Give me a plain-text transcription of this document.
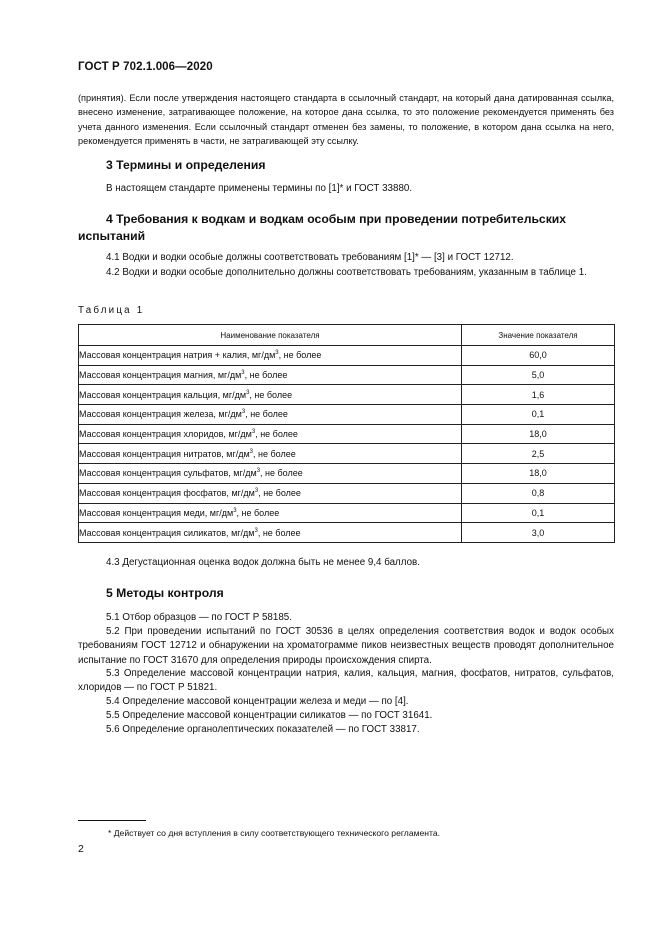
ГОСТ Р 702.1.006—2020
(принятия). Если после утверждения настоящего стандарта в ссылочный стандарт, на который дана датированная ссылка, внесено изменение, затрагивающее положение, на которое дана ссылка, то это положение рекомендуется применять без учета данного изменения. Если ссылочный стандарт отменен без замены, то положение, в котором дана ссылка на него, рекомендуется применять в части, не затрагивающей эту ссылку.
3 Термины и определения
В настоящем стандарте применены термины по [1]* и ГОСТ 33880.
4 Требования к водкам и водкам особым при проведении потребительских испытаний
4.1 Водки и водки особые должны соответствовать требованиям [1]* — [3] и ГОСТ 12712.
4.2 Водки и водки особые дополнительно должны соответствовать требованиям, указанным в таблице 1.
Таблица 1
Наименование показателя	Значение показателя
Массовая концентрация натрия + калия, $мг/дм^3$, не более	60,0
Массовая концентрация магния, $мг/дм^3$, не более	5,0
Массовая концентрация кальция, $мг/дм^3$, не более	1,6
Массовая концентрация железа, $мг/дм^3$, не более	0,1
Массовая концентрация хлоридов, $мг/дм^3$, не более	18,0
Массовая концентрация нитратов, $мг/дм^3$, не более	2,5
Массовая концентрация сульфатов, $мг/дм^3$, не более	18,0
Массовая концентрация фосфатов, $мг/дм^3$, не более	0,8
Массовая концентрация меди, $мг/дм^3$, не более	0,1
Массовая концентрация силикатов, $мг/дм^3$, не более	3,0
4.3 Дегустационная оценка водок должна быть не менее 9,4 баллов.
5 Методы контроля
5.1 Отбор образцов — по ГОСТ Р 58185.
5.2 При проведении испытаний по ГОСТ 30536 в целях определения соответствия водок и водок особых требованиям ГОСТ 12712 и обнаружении на хроматограмме пиков неизвестных веществ проводят дополнительное испытание по ГОСТ 31670 для определения природы происхождения спирта.
5.3 Определение массовой концентрации натрия, калия, кальция, магния, фосфатов, нитратов, сульфатов, хлоридов — по ГОСТ Р 51821.
5.4 Определение массовой концентрации железа и меди — по [4].
5.5 Определение массовой концентрации силикатов — по ГОСТ 31641.
5.6 Определение органолептических показателей — по ГОСТ 33817.
* Действует со дня вступления в силу соответствующего технического регламента.
2
